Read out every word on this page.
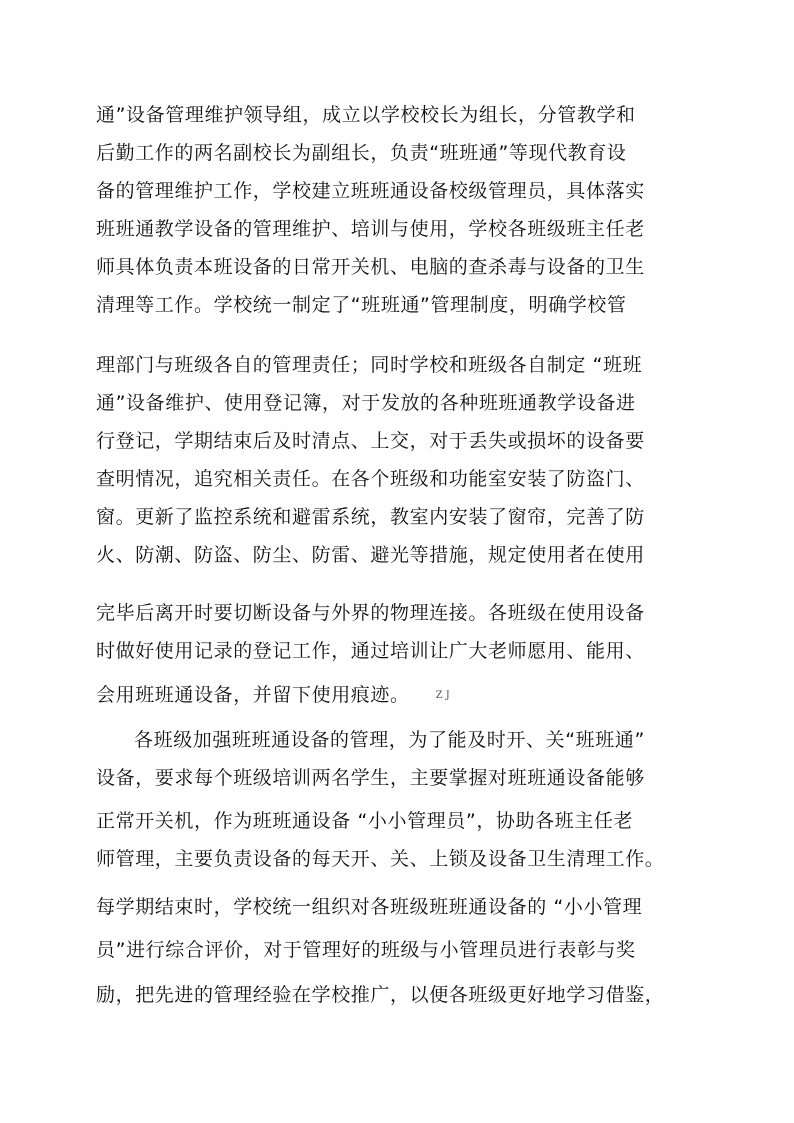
通”设备管理维护领导组，成立以学校校长为组长，分管教学和
后勤工作的两名副校长为副组长，负责“班班通”等现代教育设
备的管理维护工作，学校建立班班通设备校级管理员，具体落实
班班通教学设备的管理维护、培训与使用，学校各班级班主任老
师具体负责本班设备的日常开关机、电脑的查杀毒与设备的卫生
清理等工作。学校统一制定了“班班通”管理制度，明确学校管
理部门与班级各自的管理责任；同时学校和班级各自制定 “班班
通”设备维护、使用登记簿，对于发放的各种班班通教学设备进
行登记，学期结束后及时清点、上交，对于丢失或损坏的设备要
查明情况，追究相关责任。在各个班级和功能室安装了防盗门、
窗。更新了监控系统和避雷系统，教室内安装了窗帘，完善了防
火、防潮、防盗、防尘、防雷、避光等措施，规定使用者在使用
完毕后离开时要切断设备与外界的物理连接。各班级在使用设备
时做好使用记录的登记工作，通过培训让广大老师愿用、能用、
会用班班通设备，并留下使用痕迹。	Z J
各班级加强班班通设备的管理，为了能及时开、关“班班通”
设备，要求每个班级培训两名学生，主要掌握对班班通设备能够
正常开关机，作为班班通设备 “小小管理员”，协助各班主任老
师管理，主要负责设备的每天开、关、上锁及设备卫生清理工作。
每学期结束时，学校统一组织对各班级班班通设备的 “小小管理
员”进行综合评价，对于管理好的班级与小管理员进行表彰与奖
励，把先进的管理经验在学校推广，以便各班级更好地学习借鉴，
